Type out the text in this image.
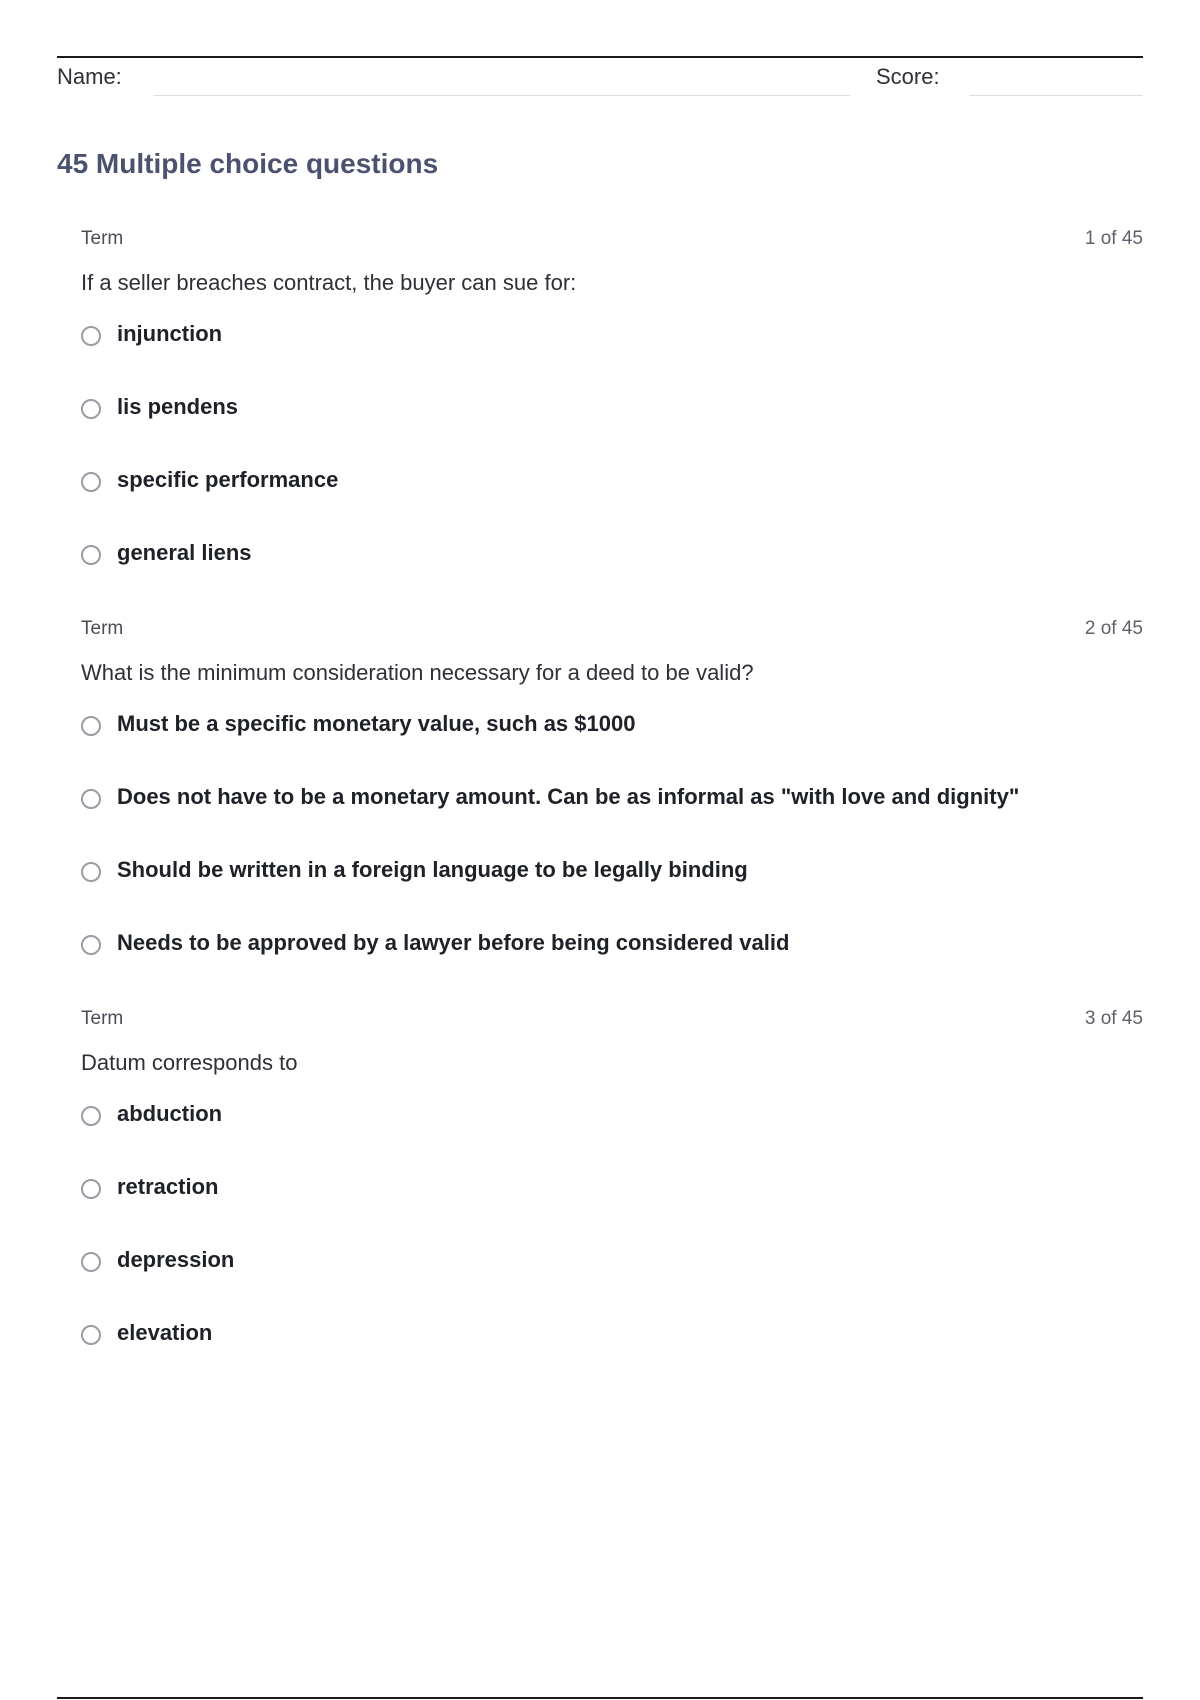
Name:	Score:
45 Multiple choice questions
Term	1 of 45
If a seller breaches contract, the buyer can sue for:
injunction
lis pendens
specific performance
general liens
Term	2 of 45
What is the minimum consideration necessary for a deed to be valid?
Must be a specific monetary value, such as $1000
Does not have to be a monetary amount. Can be as informal as "with love and dignity"
Should be written in a foreign language to be legally binding
Needs to be approved by a lawyer before being considered valid
Term	3 of 45
Datum corresponds to
abduction
retraction
depression
elevation
